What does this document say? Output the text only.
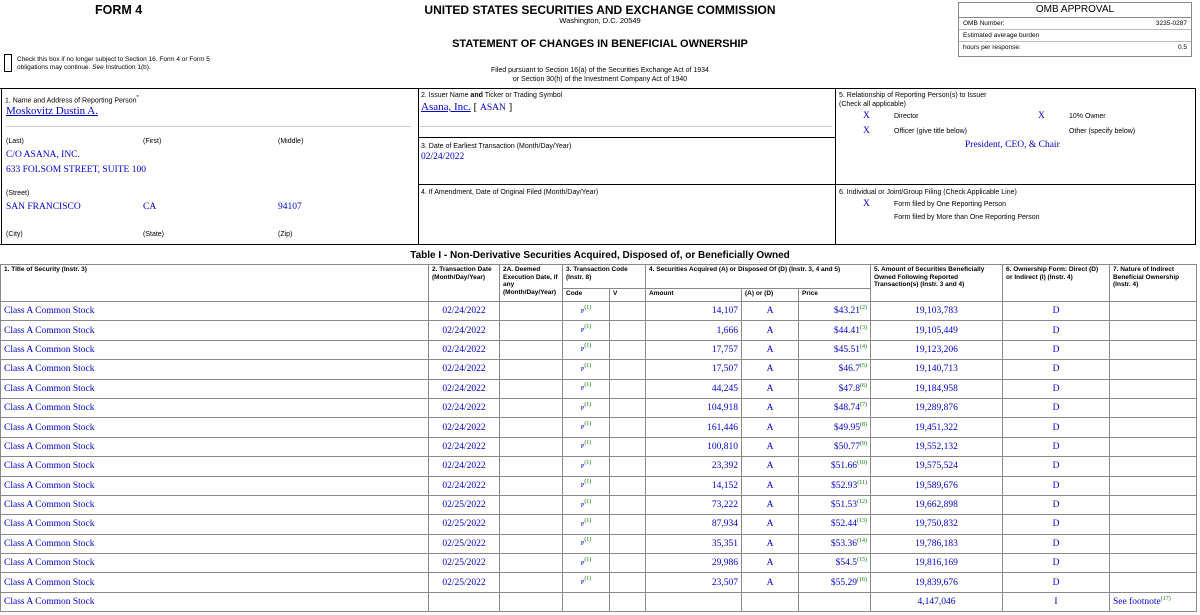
FORM 4	UNITED STATES SECURITIES AND EXCHANGE COMMISSION
Washington, D.C. 20549
STATEMENT OF CHANGES IN BENEFICIAL OWNERSHIP
Filed pursuant to Section 16(a) of the Securities Exchange Act of 1934
or Section 30(h) of the Investment Company Act of 1940
OMB APPROVAL
OMB Number:	3235-0287
Estimated average burden
hours per response:	0.5
Check this box if no longer subject to Section 16. Form 4 or Form 5
obligations may continue. See Instruction 1(b).
1. Name and Address of Reporting Person*
Moskovitz Dustin A.
(Last)	(First)	(Middle)
C/O ASANA, INC.
633 FOLSOM STREET, SUITE 100
(Street)
SAN FRANCISCO	CA	94107
(City)	(State)	(Zip)
2. Issuer Name and Ticker or Trading Symbol
Asana, Inc. [ ASAN ]
3. Date of Earliest Transaction (Month/Day/Year)
02/24/2022
4. If Amendment, Date of Original Filed (Month/Day/Year)
5. Relationship of Reporting Person(s) to Issuer
(Check all applicable)
X	Director	X	10% Owner
X	Officer (give title below)	Other (specify below)
President, CEO, & Chair
6. Individual or Joint/Group Filing (Check Applicable Line)
X	Form filed by One Reporting Person
Form filed by More than One Reporting Person
Table I - Non-Derivative Securities Acquired, Disposed of, or Beneficially Owned
1. Title of Security (Instr. 3)	2. Transaction Date (Month/Day/Year)	2A. Deemed Execution Date, if any (Month/Day/Year)	3. Transaction Code (Instr. 8)		4. Securities Acquired (A) or Disposed Of (D) (Instr. 3, 4 and 5)			5. Amount of Securities Beneficially Owned Following Reported Transaction(s) (Instr. 3 and 4)	6. Ownership Form: Direct (D) or Indirect (I) (Instr. 4)	7. Nature of Indirect Beneficial Ownership (Instr. 4)
			Code	V	Amount	(A) or (D)	Price			
Class A Common Stock	02/24/2022		P$^{(1)}$		14,107	A	$43.21$^{(2)}$	19,103,783	D	
Class A Common Stock	02/24/2022		P$^{(1)}$		1,666	A	$44.41$^{(3)}$	19,105,449	D	
Class A Common Stock	02/24/2022		P$^{(1)}$		17,757	A	$45.51$^{(4)}$	19,123,206	D	
Class A Common Stock	02/24/2022		P$^{(1)}$		17,507	A	$46.7$^{(5)}$	19,140,713	D	
Class A Common Stock	02/24/2022		P$^{(1)}$		44,245	A	$47.8$^{(6)}$	19,184,958	D	
Class A Common Stock	02/24/2022		P$^{(1)}$		104,918	A	$48.74$^{(7)}$	19,289,876	D	
Class A Common Stock	02/24/2022		P$^{(1)}$		161,446	A	$49.95$^{(8)}$	19,451,322	D	
Class A Common Stock	02/24/2022		P$^{(1)}$		100,810	A	$50.77$^{(9)}$	19,552,132	D	
Class A Common Stock	02/24/2022		P$^{(1)}$		23,392	A	$51.66$^{(10)}$	19,575,524	D	
Class A Common Stock	02/24/2022		P$^{(1)}$		14,152	A	$52.93$^{(11)}$	19,589,676	D	
Class A Common Stock	02/25/2022		P$^{(1)}$		73,222	A	$51.53$^{(12)}$	19,662,898	D	
Class A Common Stock	02/25/2022		P$^{(1)}$		87,934	A	$52.44$^{(13)}$	19,750,832	D	
Class A Common Stock	02/25/2022		P$^{(1)}$		35,351	A	$53.36$^{(14)}$	19,786,183	D	
Class A Common Stock	02/25/2022		P$^{(1)}$		29,986	A	$54.5$^{(15)}$	19,816,169	D	
Class A Common Stock	02/25/2022		P$^{(1)}$		23,507	A	$55.29$^{(16)}$	19,839,676	D	
Class A Common Stock								4,147,046	I	See footnote$^{(17)}$
